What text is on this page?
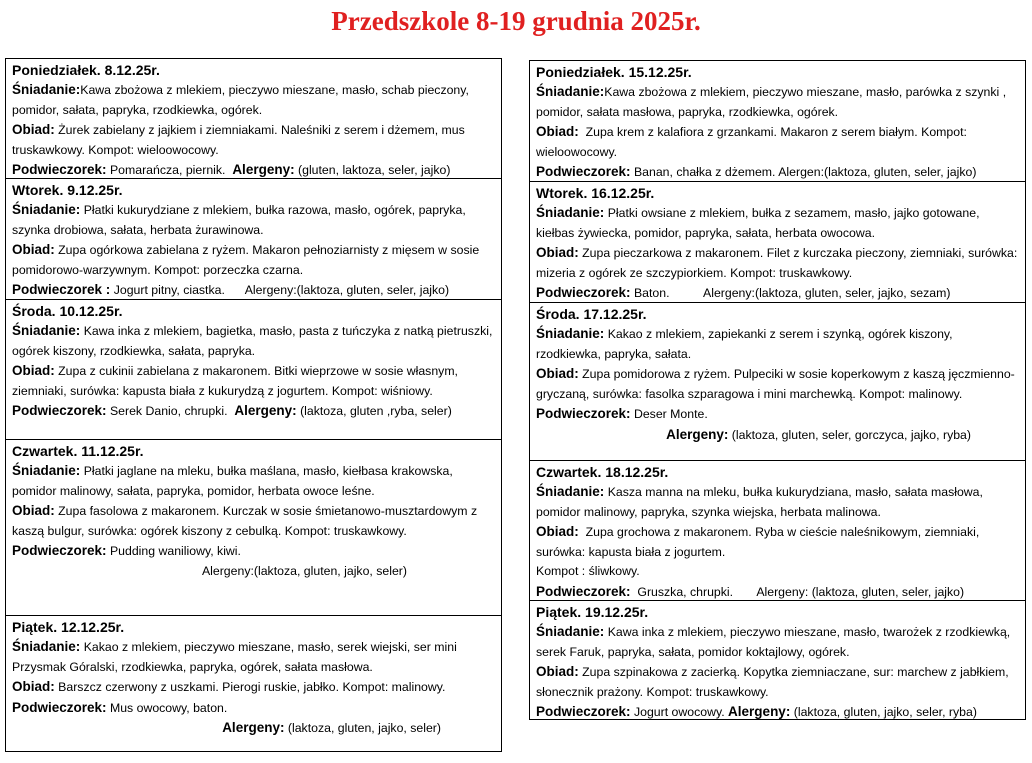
Przedszkole 8-19 grudnia 2025r.
Poniedziałek. 8.12.25r.
Śniadanie:Kawa zbożowa z mlekiem, pieczywo mieszane, masło, schab pieczony, pomidor, sałata, papryka, rzodkiewka, ogórek.
Obiad: Żurek zabielany z jajkiem i ziemniakami. Naleśniki z serem i dżemem, mus truskawkowy. Kompot: wieloowocowy.
Podwieczorek: Pomarańcza, piernik. Alergeny: (gluten, laktoza, seler, jajko)
Wtorek. 9.12.25r.
Śniadanie: Płatki kukurydziane z mlekiem, bułka razowa, masło, ogórek, papryka, szynka drobiowa, sałata, herbata żurawinowa.
Obiad: Zupa ogórkowa zabielana z ryżem. Makaron pełnoziarnisty z mięsem w sosie pomidorowo-warzywnym. Kompot: porzeczka czarna.
Podwieczorek : Jogurt pitny, ciastka. Alergeny:(laktoza, gluten, seler, jajko)
Środa. 10.12.25r.
Śniadanie: Kawa inka z mlekiem, bagietka, masło, pasta z tuńczyka z natką pietruszki, ogórek kiszony, rzodkiewka, sałata, papryka.
Obiad: Zupa z cukinii zabielana z makaronem. Bitki wieprzowe w sosie własnym, ziemniaki, surówka: kapusta biała z kukurydzą z jogurtem. Kompot: wiśniowy.
Podwieczorek: Serek Danio, chrupki. Alergeny: (laktoza, gluten ,ryba, seler)
Czwartek. 11.12.25r.
Śniadanie: Płatki jaglane na mleku, bułka maślana, masło, kiełbasa krakowska, pomidor malinowy, sałata, papryka, pomidor, herbata owoce leśne.
Obiad: Zupa fasolowa z makaronem. Kurczak w sosie śmietanowo-musztardowym z kaszą bulgur, surówka: ogórek kiszony z cebulką. Kompot: truskawkowy.
Podwieczorek: Pudding waniliowy, kiwi.
Alergeny:(laktoza, gluten, jajko, seler)
Piątek. 12.12.25r.
Śniadanie: Kakao z mlekiem, pieczywo mieszane, masło, serek wiejski, ser mini Przysmak Góralski, rzodkiewka, papryka, ogórek, sałata masłowa.
Obiad: Barszcz czerwony z uszkami. Pierogi ruskie, jabłko. Kompot: malinowy.
Podwieczorek: Mus owocowy, baton.
Alergeny: (laktoza, gluten, jajko, seler)
Poniedziałek. 15.12.25r.
Śniadanie:Kawa zbożowa z mlekiem, pieczywo mieszane, masło, parówka z szynki , pomidor, sałata masłowa, papryka, rzodkiewka, ogórek.
Obiad: Zupa krem z kalafiora z grzankami. Makaron z serem białym. Kompot: wieloowocowy.
Podwieczorek: Banan, chałka z dżemem. Alergen:(laktoza, gluten, seler, jajko)
Wtorek. 16.12.25r.
Śniadanie: Płatki owsiane z mlekiem, bułka z sezamem, masło, jajko gotowane, kiełbas żywiecka, pomidor, papryka, sałata, herbata owocowa.
Obiad: Zupa pieczarkowa z makaronem. Filet z kurczaka pieczony, ziemniaki, surówka: mizeria z ogórek ze szczypiorkiem. Kompot: truskawkowy.
Podwieczorek: Baton.	Alergeny:(laktoza, gluten, seler, jajko, sezam)
Środa. 17.12.25r.
Śniadanie: Kakao z mlekiem, zapiekanki z serem i szynką, ogórek kiszony, rzodkiewka, papryka, sałata.
Obiad: Zupa pomidorowa z ryżem. Pulpeciki w sosie koperkowym z kaszą jęczmienno- gryczaną, surówka: fasolka szparagowa i mini marchewką. Kompot: malinowy.
Podwieczorek: Deser Monte.
Alergeny: (laktoza, gluten, seler, gorczyca, jajko, ryba)
Czwartek. 18.12.25r.
Śniadanie: Kasza manna na mleku, bułka kukurydziana, masło, sałata masłowa, pomidor malinowy, papryka, szynka wiejska, herbata malinowa.
Obiad: Zupa grochowa z makaronem. Ryba w cieście naleśnikowym, ziemniaki, surówka: kapusta biała z jogurtem.
Kompot : śliwkowy.
Podwieczorek: Gruszka, chrupki. Alergeny: (laktoza, gluten, seler, jajko)
Piątek. 19.12.25r.
Śniadanie: Kawa inka z mlekiem, pieczywo mieszane, masło, twarożek z rzodkiewką, serek Faruk, papryka, sałata, pomidor koktajlowy, ogórek.
Obiad: Zupa szpinakowa z zacierką. Kopytka ziemniaczane, sur: marchew z jabłkiem, słonecznik prażony. Kompot: truskawkowy.
Podwieczorek: Jogurt owocowy. Alergeny: (laktoza, gluten, jajko, seler, ryba)
